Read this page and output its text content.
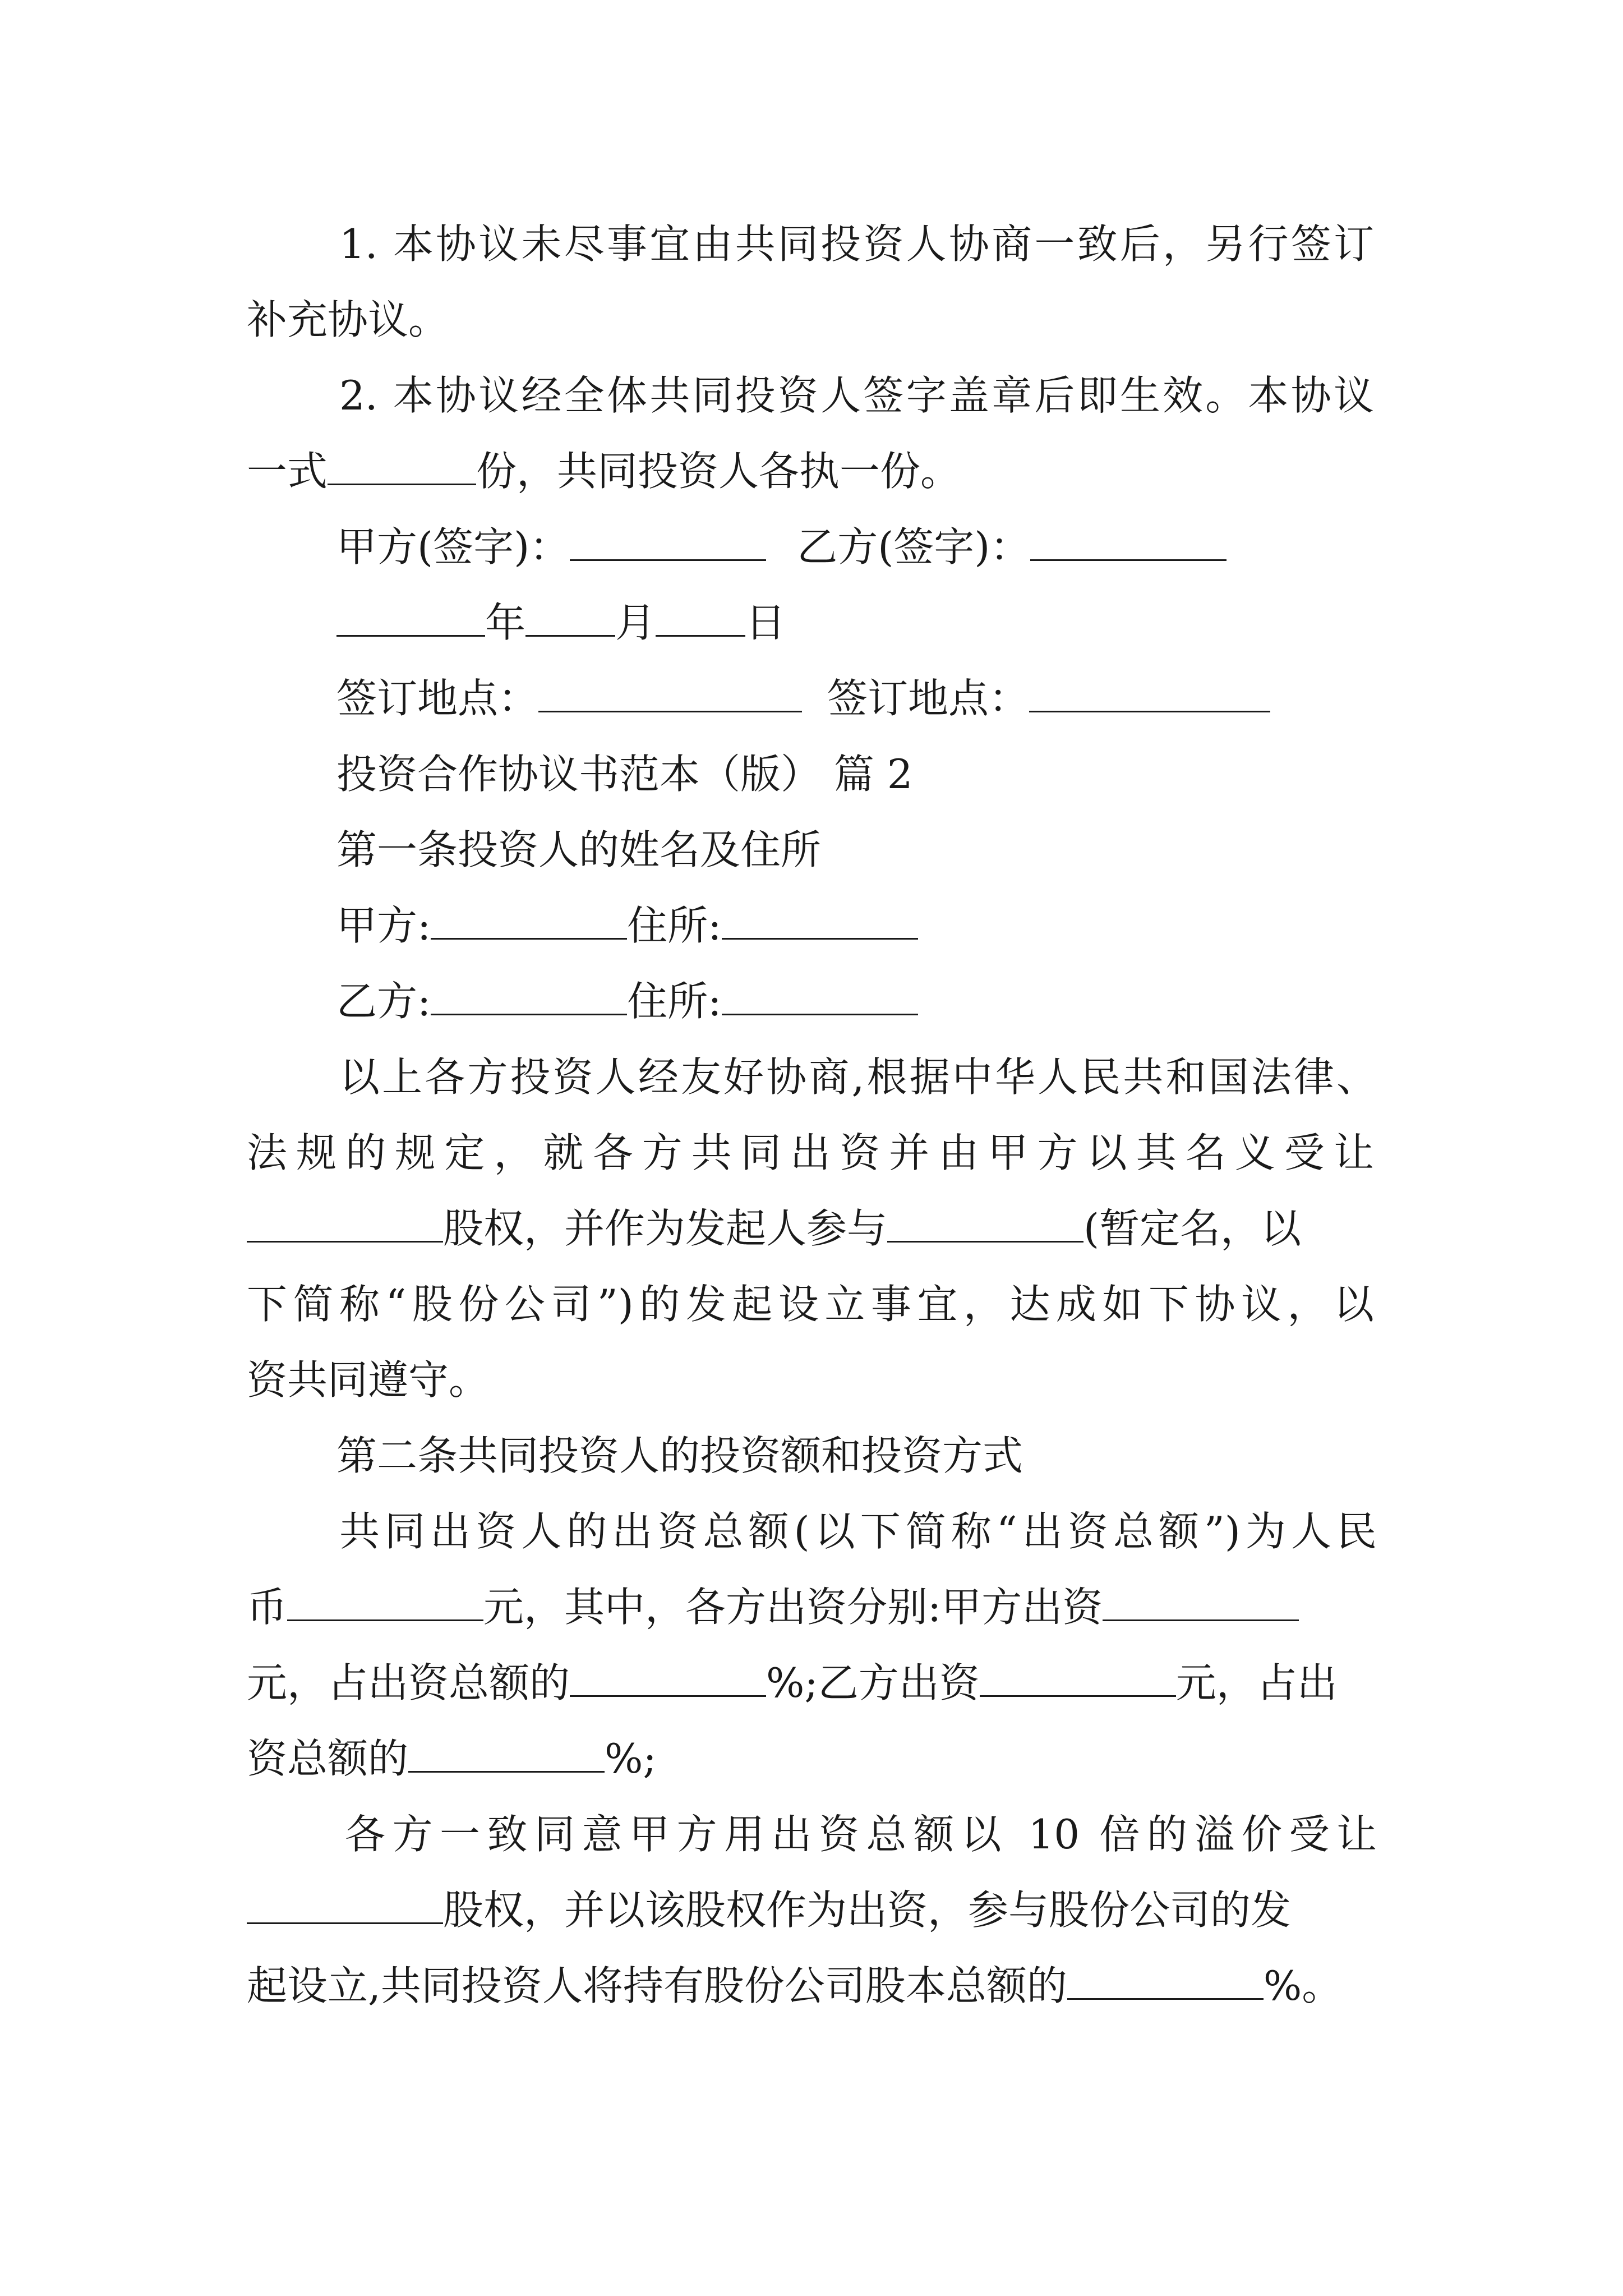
1. 本协议未尽事宜由共同投资人协商一致后，另行签订
补充协议。
2. 本协议经全体共同投资人签字盖章后即生效。本协议
一式	份，共同投资人各执一份。
甲方(签字)：	乙方(签字)：
年 月 日
签订地点：	签订地点：
投资合作协议书范本（版） 篇 2
第一条投资人的姓名及住所
甲方:	住所:
乙方:	住所:
以上各方投资人经友好协商,根据中华人民共和国法律、
法规的规定，就各方共同出资并由甲方以其名义受让
股权，并作为发起人参与	(暂定名，以
下简称“股份公司”)的发起设立事宜，达成如下协议，以
资共同遵守。
第二条共同投资人的投资额和投资方式
共同出资人的出资总额(以下简称“出资总额”)为人民
币	元，其中，各方出资分别:甲方出资
元，占出资总额的	%;乙方出资	元，占出
资总额的	%;
各方一致同意甲方用出资总额以 10 倍的溢价受让
股权，并以该股权作为出资，参与股份公司的发
起设立,共同投资人将持有股份公司股本总额的	%。
